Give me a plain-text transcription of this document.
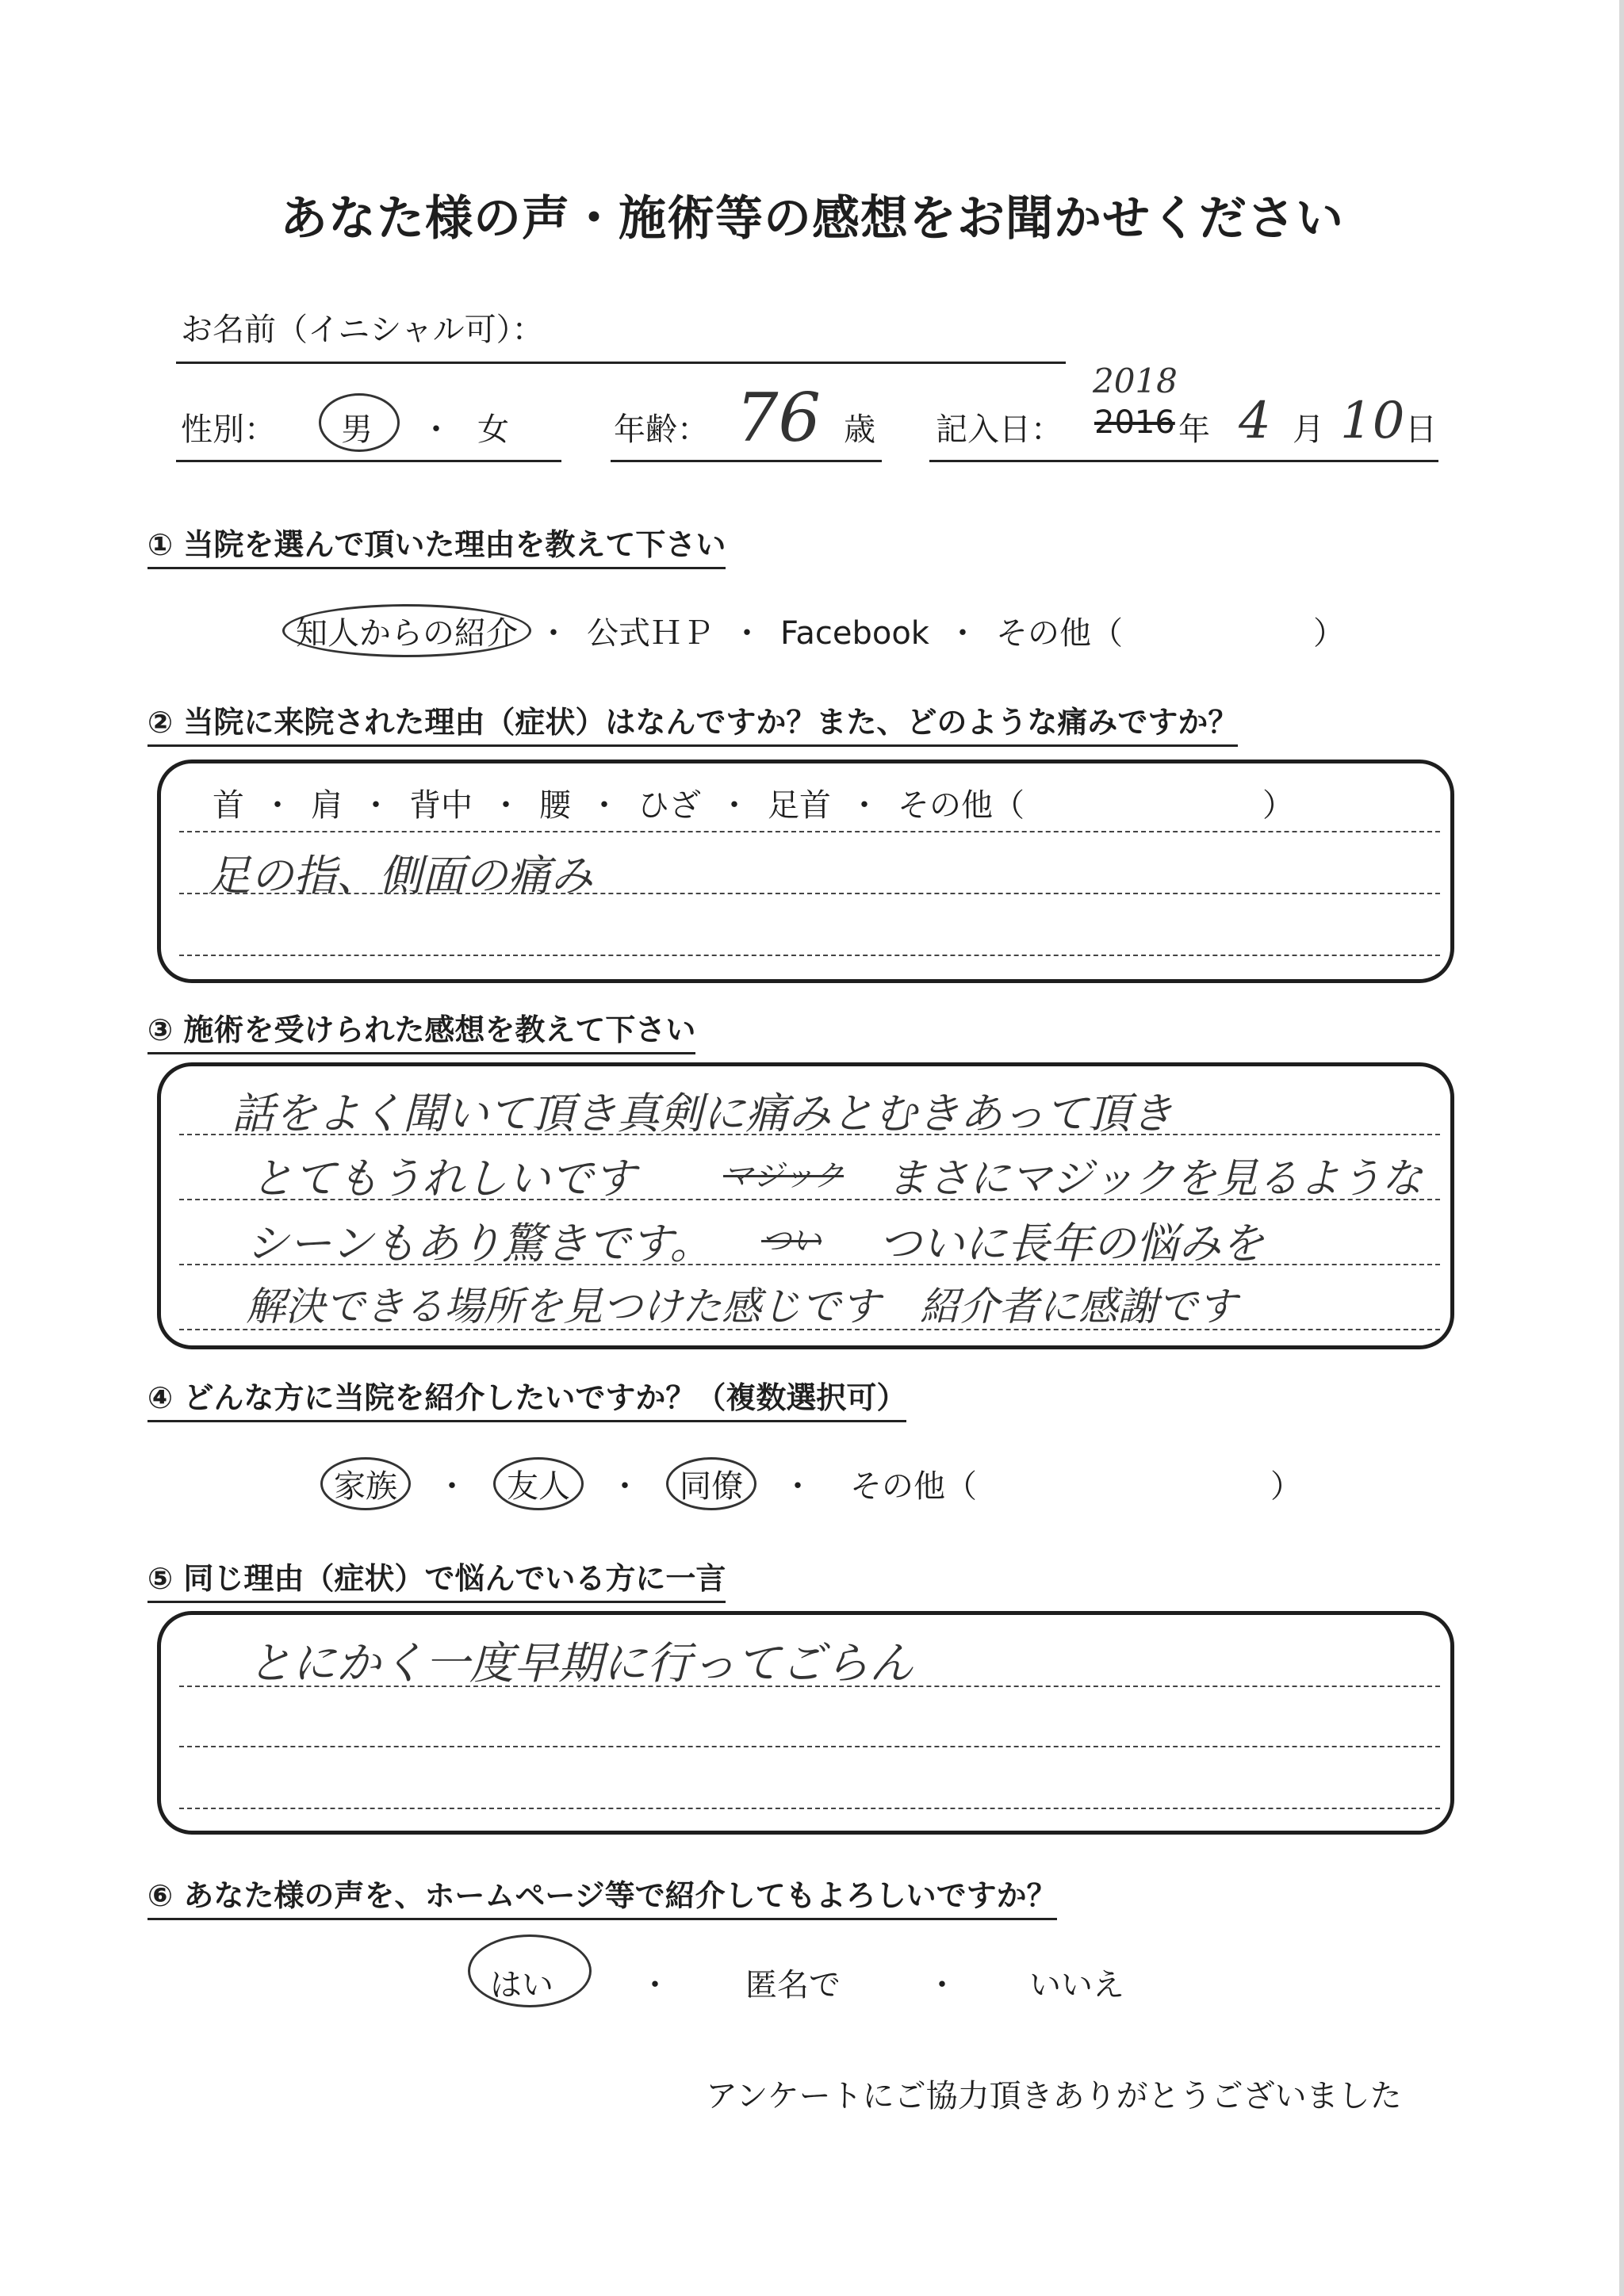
あなた様の声・施術等の感想をお聞かせください
お名前（イニシャル可）：
性別： 男 ・ 女	年齢： 76 歳 記入日：
2018
2016 年 4 月 10 日
① 当院を選んで頂いた理由を教えて下さい
知人からの紹介 ・ 公式ＨＰ ・ Facebook ・ その他（	）
② 当院に来院された理由（症状）はなんですか？また、どのような痛みですか？
首 ・ 肩 ・ 背中 ・ 腰 ・ ひざ ・ 足首 ・ その他（	）
足の指、側面の痛み
③ 施術を受けられた感想を教えて下さい
話をよく聞いて頂き真剣に痛みとむきあって頂き
とてもうれしいです	マジック まさにマジックを見るような
シーンもあり驚きです。 つい ついに長年の悩みを
解決できる場所を見つけた感じです　紹介者に感謝です
④ どんな方に当院を紹介したいですか？（複数選択可）
家族 ・ 友人 ・ 同僚 ・ その他（	）
⑤ 同じ理由（症状）で悩んでいる方に一言
とにかく一度早期に行ってごらん
⑥ あなた様の声を、ホームページ等で紹介してもよろしいですか？
はい	・ 匿名で	・ いいえ
アンケートにご協力頂きありがとうございました
